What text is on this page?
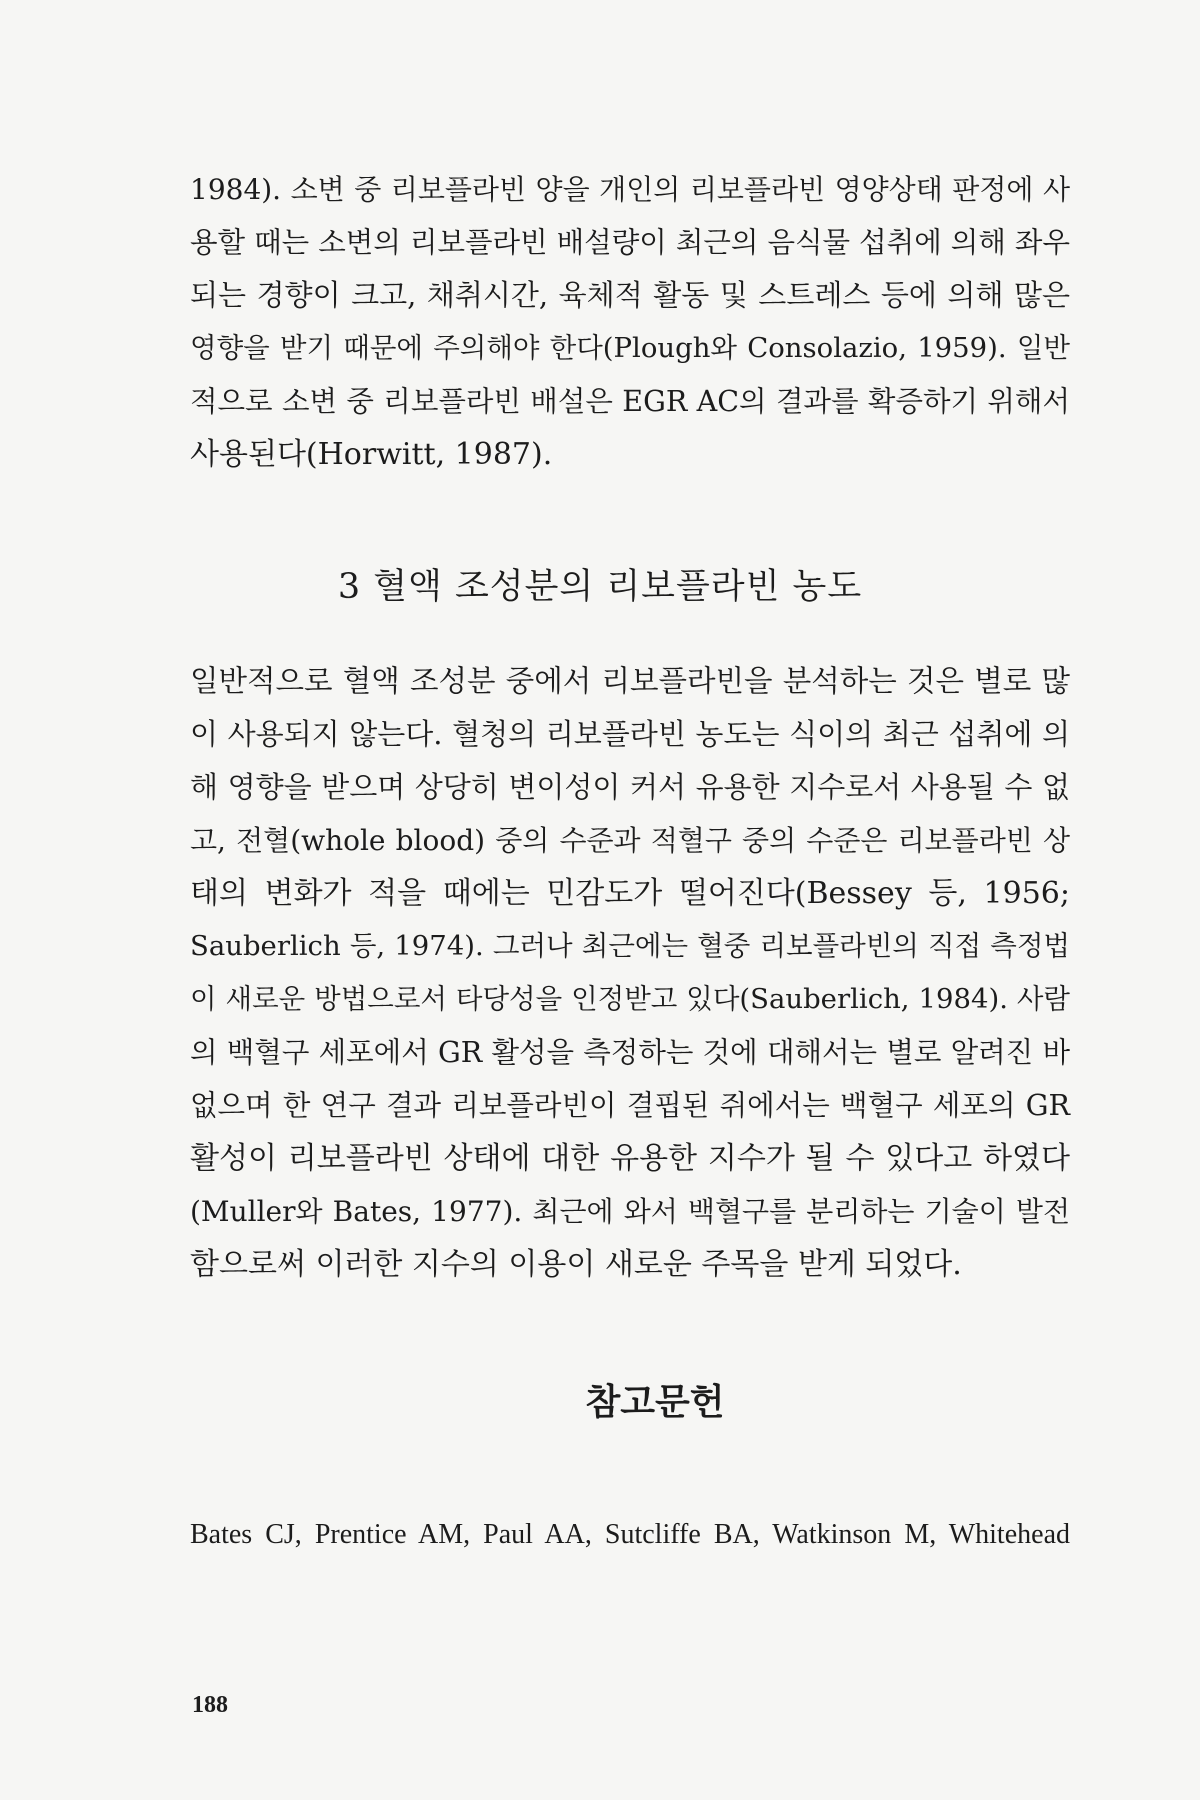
1984). 소변 중 리보플라빈 양을 개인의 리보플라빈 영양상태 판정에 사
용할 때는 소변의 리보플라빈 배설량이 최근의 음식물 섭취에 의해 좌우
되는 경향이 크고, 채취시간, 육체적 활동 및 스트레스 등에 의해 많은
영향을 받기 때문에 주의해야 한다(Plough와 Consolazio, 1959). 일반
적으로 소변 중 리보플라빈 배설은 EGR AC의 결과를 확증하기 위해서
사용된다(Horwitt, 1987).
3 혈액 조성분의 리보플라빈 농도
일반적으로 혈액 조성분 중에서 리보플라빈을 분석하는 것은 별로 많
이 사용되지 않는다. 혈청의 리보플라빈 농도는 식이의 최근 섭취에 의
해 영향을 받으며 상당히 변이성이 커서 유용한 지수로서 사용될 수 없
고, 전혈(whole blood) 중의 수준과 적혈구 중의 수준은 리보플라빈 상
태의 변화가 적을 때에는 민감도가 떨어진다(Bessey 등, 1956;
Sauberlich 등, 1974). 그러나 최근에는 혈중 리보플라빈의 직접 측정법
이 새로운 방법으로서 타당성을 인정받고 있다(Sauberlich, 1984). 사람
의 백혈구 세포에서 GR 활성을 측정하는 것에 대해서는 별로 알려진 바
없으며 한 연구 결과 리보플라빈이 결핍된 쥐에서는 백혈구 세포의 GR
활성이 리보플라빈 상태에 대한 유용한 지수가 될 수 있다고 하였다
(Muller와 Bates, 1977). 최근에 와서 백혈구를 분리하는 기술이 발전
함으로써 이러한 지수의 이용이 새로운 주목을 받게 되었다.
참고문헌
Bates CJ, Prentice AM, Paul AA, Sutcliffe BA, Watkinson M, Whitehead
188
